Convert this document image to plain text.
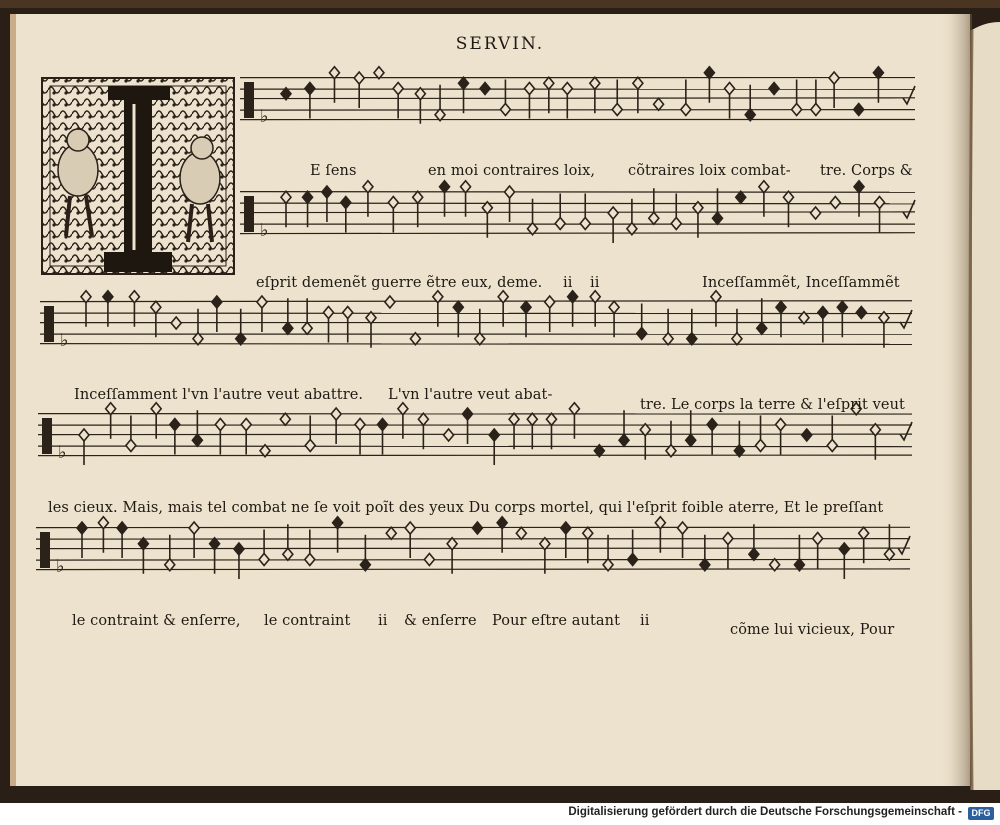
♭
♭
♭
♭
♭
SERVIN.
E ſens	en moi contraires loix, cõtraires loix combat- tre. Corps &
eſprit demenẽt guerre ẽtre eux, deme. ii ii	Inceſſammẽt, Inceſſammẽt
Inceſſamment l'vn l'autre veut abattre. L'vn l'autre veut abat-
tre. Le corps la terre & l'eſprit veut
les cieux. Mais, mais tel combat ne ſe voit poĩt des yeux Du corps mortel, qui l'eſprit foible aterre, Et le preſſant
le contraint & enſerre, le contraint ii & enſerre Pour eſtre autant ii
cõme lui vicieux, Pour
Digitalisierung gefördert durch die Deutsche Forschungsgemeinschaft -	DFG
